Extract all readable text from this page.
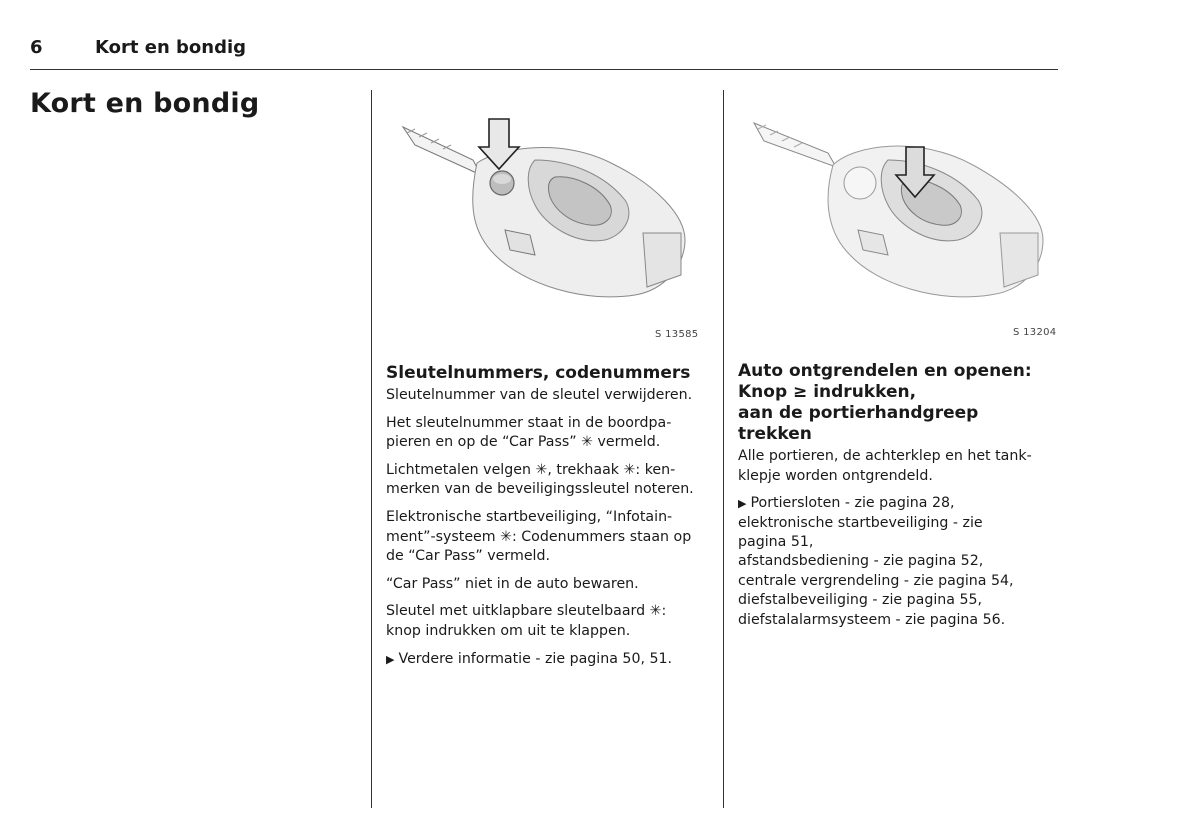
6	Kort en bondig
Kort en bondig
S 13585	S 13204
Sleutelnummers, codenummers
Sleutelnummer van de sleutel verwijderen.
Het sleutelnummer staat in de boordpa-
pieren en op de “Car Pass” ✳ vermeld.
Lichtmetalen velgen ✳, trekhaak ✳: ken-
merken van de beveiligingssleutel noteren.
Elektronische startbeveiliging, “Infotain-
ment”-systeem ✳: Codenummers staan op
de “Car Pass” vermeld.
“Car Pass” niet in de auto bewaren.
Sleutel met uitklapbare sleutelbaard ✳:
knop indrukken om uit te klappen.
▶ Verdere informatie - zie pagina 50, 51.
Auto ontgrendelen en openen:
Knop ≥ indrukken,
aan de portierhandgreep trekken
Alle portieren, de achterklep en het tank-
klepje worden ontgrendeld.
▶ Portiersloten - zie pagina 28,
elektronische startbeveiliging - zie
pagina 51,
afstandsbediening - zie pagina 52,
centrale vergrendeling - zie pagina 54,
diefstalbeveiliging - zie pagina 55,
diefstalalarmsysteem - zie pagina 56.
